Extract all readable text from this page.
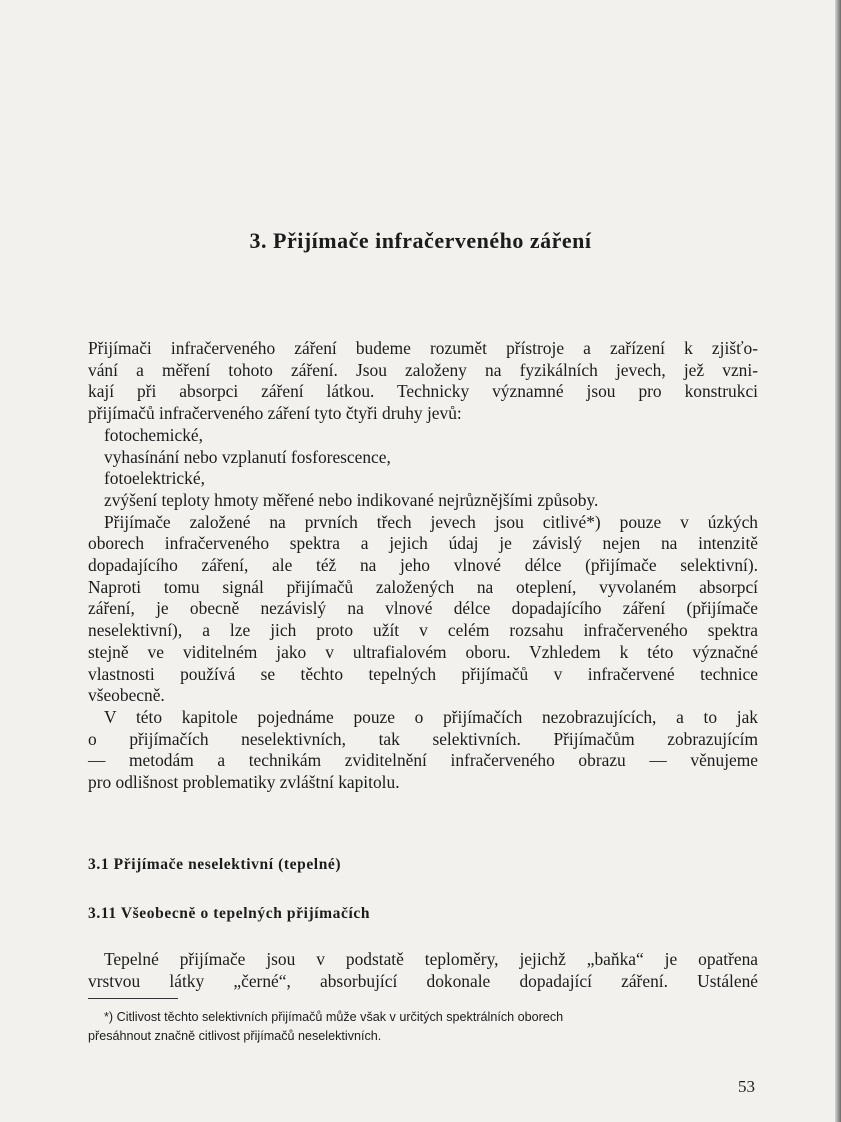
3. Přijímače infračerveného záření

Přijímači infračerveného záření budeme rozumět přístroje a zařízení k zjišťo-

vání a měření tohoto záření. Jsou založeny na fyzikálních jevech, jež vzni-

kají při absorpci záření látkou. Technicky významné jsou pro konstrukci

přijímačů infračerveného záření tyto čtyři druhy jevů:

fotochemické,

vyhasínání nebo vzplanutí fosforescence,

fotoelektrické,

zvýšení teploty hmoty měřené nebo indikované nejrůznějšími způsoby.

Přijímače založené na prvních třech jevech jsou citlivé*) pouze v úzkých

oborech infračerveného spektra a jejich údaj je závislý nejen na intenzitě

dopadajícího záření, ale též na jeho vlnové délce (přijímače selektivní).

Naproti tomu signál přijímačů založených na oteplení, vyvolaném absorpcí

záření, je obecně nezávislý na vlnové délce dopadajícího záření (přijímače

neselektivní), a lze jich proto užít v celém rozsahu infračerveného spektra

stejně ve viditelném jako v ultrafialovém oboru. Vzhledem k této význačné

vlastnosti používá se těchto tepelných přijímačů v infračervené technice

všeobecně.

V této kapitole pojednáme pouze o přijímačích nezobrazujících, a to jak

o přijímačích neselektivních, tak selektivních. Přijímačům zobrazujícím

— metodám a technikám zviditelnění infračerveného obrazu — věnujeme

pro odlišnost problematiky zvláštní kapitolu.

3.1 Přijímače neselektivní (tepelné)
3.11 Všeobecně o tepelných přijímačích

Tepelné přijímače jsou v podstatě teploměry, jejichž „baňka“ je opatřena

vrstvou látky „černé“, absorbující dokonale dopadající záření. Ustálené

*) Citlivost těchto selektivních přijímačů může však v určitých spektrálních oborech

přesáhnout značně citlivost přijímačů neselektivních.

53
